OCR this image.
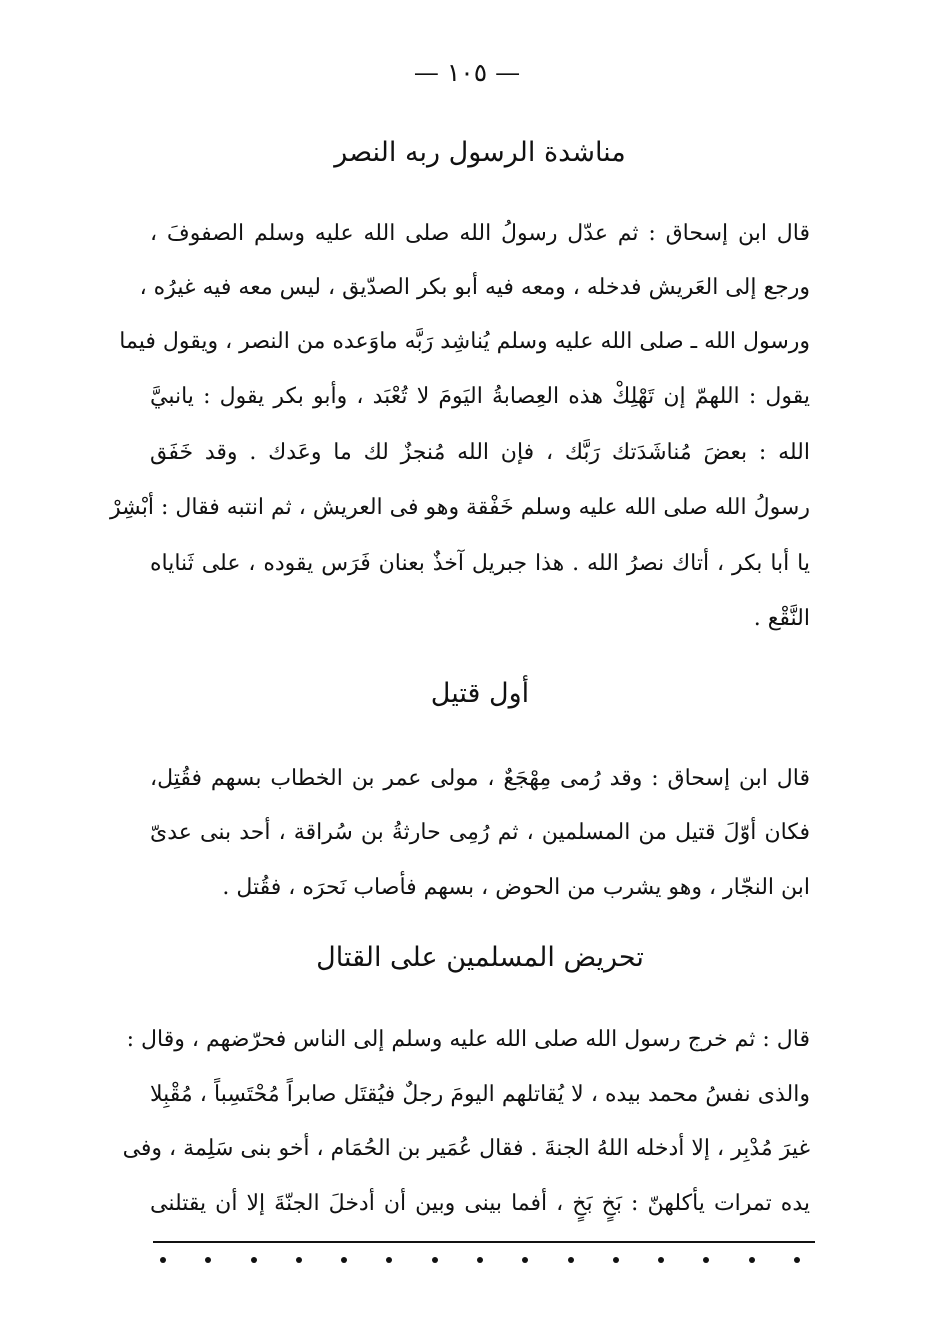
— ١٠٥ —
مناشدة الرسول ربه النصر
قال ابن إسحاق : ثم عدّل رسولُ الله صلى الله عليه وسلم الصفوفَ ،
ورجع إلى العَريش فدخله ، ومعه فيه أبو بكر الصدّيق ، ليس معه فيه غيرُه ،
ورسول الله ـ صلى الله عليه وسلم يُناشِد رَبَّه ماوَعده من النصر ، ويقول فيما
يقول : اللهمّ إن تَهْلِكْ هذه العِصابةُ اليَومَ لا تُعْبَد ، وأبو بكر يقول : يانبيَّ
الله : بعضَ مُناشَدَتك رَبَّك ، فإن الله مُنجزٌ لك ما وعَدك . وقد خَفَق
رسولُ الله صلى الله عليه وسلم خَفْقة وهو فى العريش ، ثم انتبه فقال : أبْشِرْ
يا أبا بكر ، أتاك نصرُ الله . هذا جبريل آخذٌ بعنان فَرَس يقوده ، على ثَناياه
النَّقْع .
أول قتيل
قال ابن إسحاق : وقد رُمى مِهْجَعٌ ، مولى عمر بن الخطاب بسهم فقُتِل،
فكان أوّلَ قتيل من المسلمين ، ثم رُمِى حارثةُ بن سُراقة ، أحد بنى عدىّ
ابن النجّار ، وهو يشرب من الحوض ، بسهم فأصاب نَحرَه ، فقُتل .
تحريض المسلمين على القتال
قال : ثم خرج رسول الله صلى الله عليه وسلم إلى الناس فحرّضهم ، وقال :
والذى نفسُ محمد بيده ، لا يُقاتلهم اليومَ رجلٌ فيُقتَل صابراً مُحْتَسِباً ، مُقْبِلا
غيرَ مُدْبِر ، إلا أدخله اللهُ الجنةَ . فقال عُمَير بن الحُمَام ، أخو بنى سَلِمة ، وفى
يده تمرات يأكلهنّ : بَخٍ بَخٍ ، أفما بينى وبين أن أدخلَ الجنّةَ إلا أن يقتلنى
